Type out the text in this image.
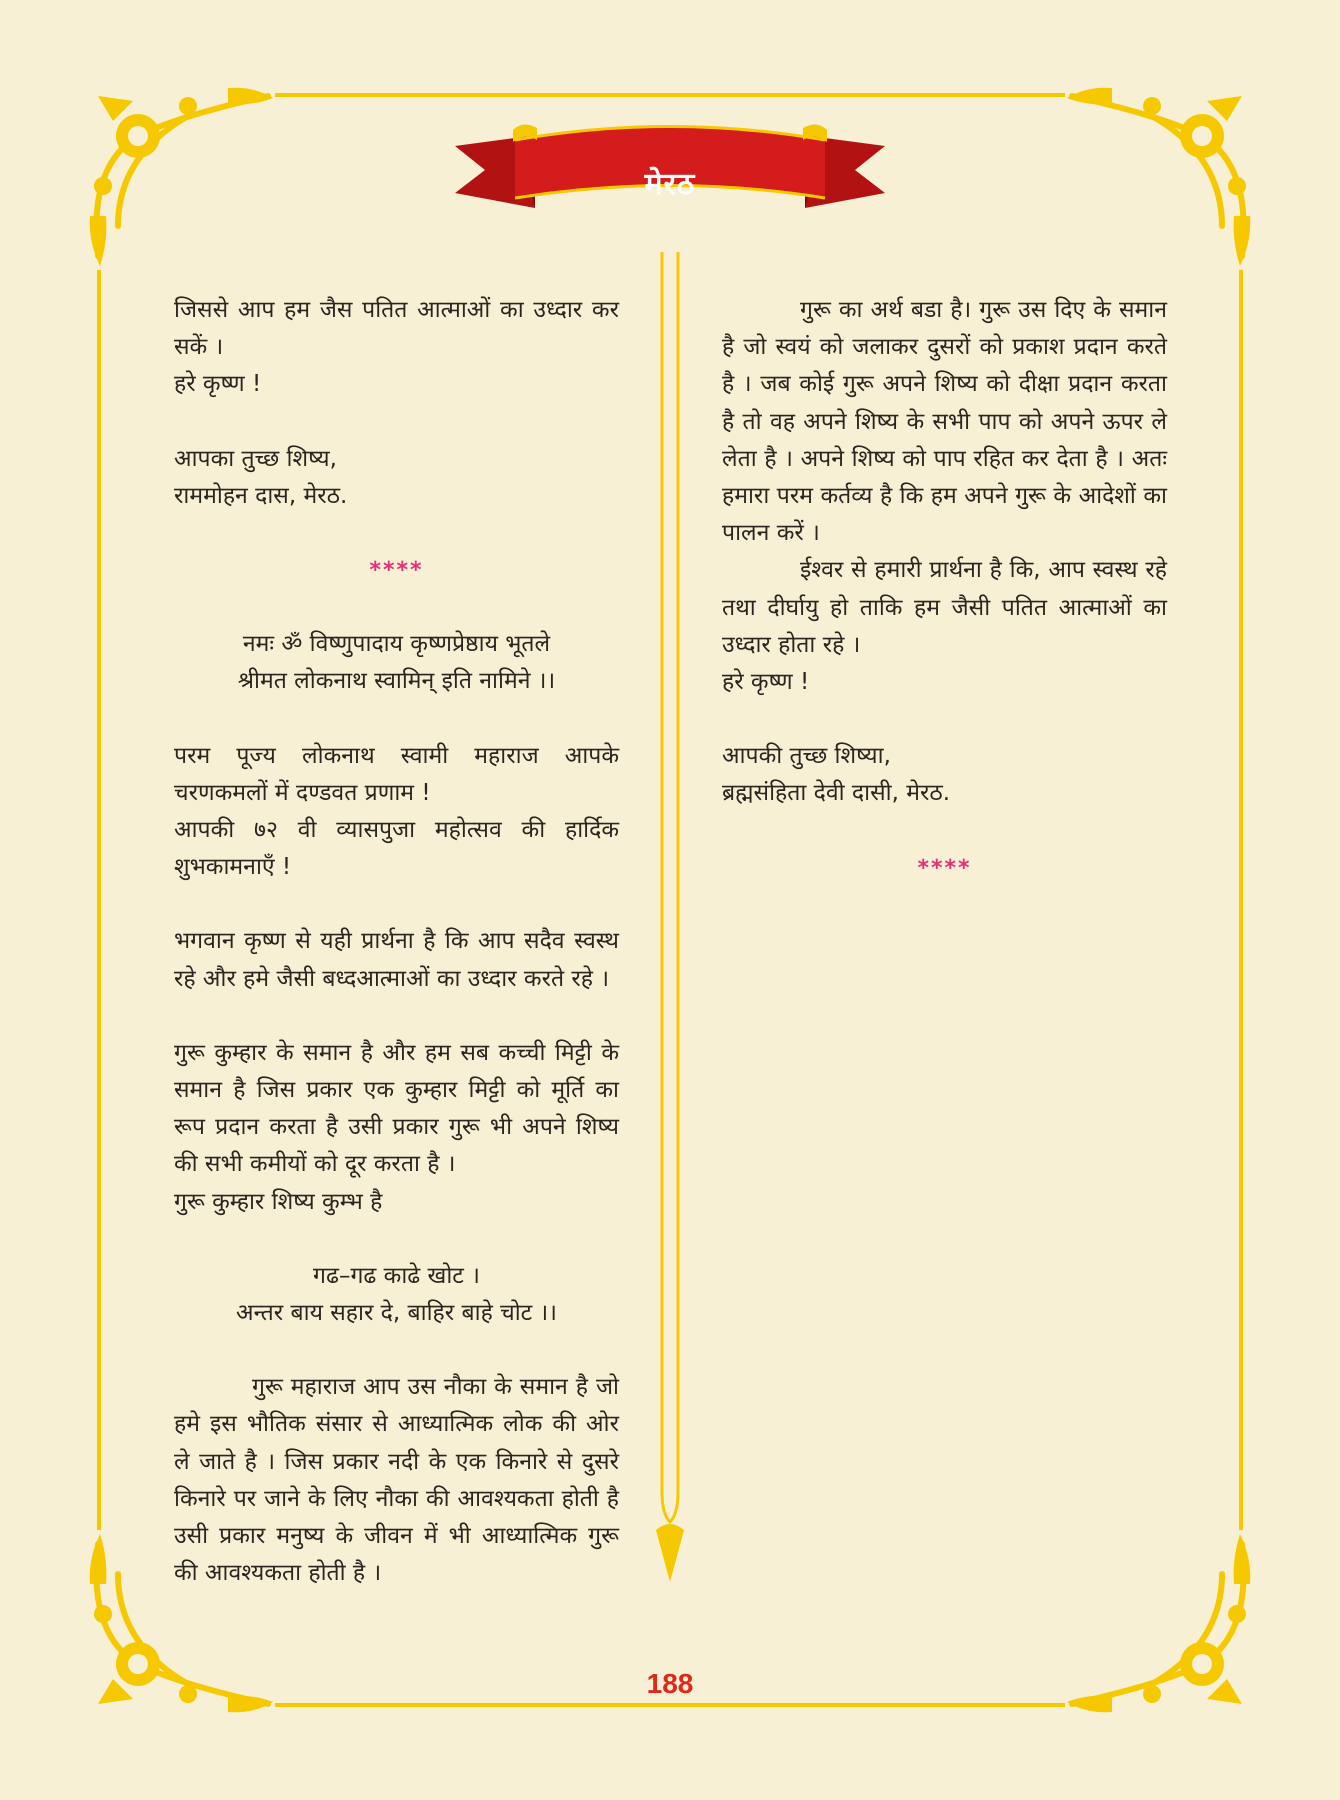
मेरठ

जिससे आप हम जैस पतित आत्माओं का उध्दार कर सकें ।

हरे कृष्ण !

आपका तुच्छ शिष्य,

राममोहन दास, मेरठ.

****

नमः ॐ विष्णुपादाय कृष्णप्रेष्ठाय भूतले

श्रीमत लोकनाथ स्वामिन् इति नामिने ।।

परम पूज्य लोकनाथ स्वामी महाराज आपके चरणकमलों में दण्डवत प्रणाम !

आपकी ७२ वी व्यासपुजा महोत्सव की हार्दिक शुभकामनाएँ !

भगवान कृष्ण से यही प्रार्थना है कि आप सदैव स्वस्थ रहे और हमे जैसी बध्दआत्माओं का उध्दार करते रहे ।

गुरू कुम्हार के समान है और हम सब कच्ची मिट्टी के समान है जिस प्रकार एक कुम्हार मिट्टी को मूर्ति का रूप प्रदान करता है उसी प्रकार गुरू भी अपने शिष्य की सभी कमीयों को दूर करता है ।

गुरू कुम्हार शिष्य कुम्भ है

गढ–गढ काढे खोट ।

अन्तर बाय सहार दे, बाहिर बाहे चोट ।।

गुरू महाराज आप उस नौका के समान है जो हमे इस भौतिक संसार से आध्यात्मिक लोक की ओर ले जाते है । जिस प्रकार नदी के एक किनारे से दुसरे किनारे पर जाने के लिए नौका की आवश्यकता होती है उसी प्रकार मनुष्य के जीवन में भी आध्यात्मिक गुरू की आवश्यकता होती है ।

गुरू का अर्थ बडा है। गुरू उस दिए के समान है जो स्वयं को जलाकर दुसरों को प्रकाश प्रदान करते है । जब कोई गुरू अपने शिष्य को दीक्षा प्रदान करता है तो वह अपने शिष्य के सभी पाप को अपने ऊपर ले लेता है । अपने शिष्य को पाप रहित कर देता है । अतः हमारा परम कर्तव्य है कि हम अपने गुरू के आदेशों का पालन करें ।

ईश्वर से हमारी प्रार्थना है कि, आप स्वस्थ रहे तथा दीर्घायु हो ताकि हम जैसी पतित आत्माओं का उध्दार होता रहे ।

हरे कृष्ण !

आपकी तुच्छ शिष्या,

ब्रह्मसंहिता देवी दासी, मेरठ.

****

188
